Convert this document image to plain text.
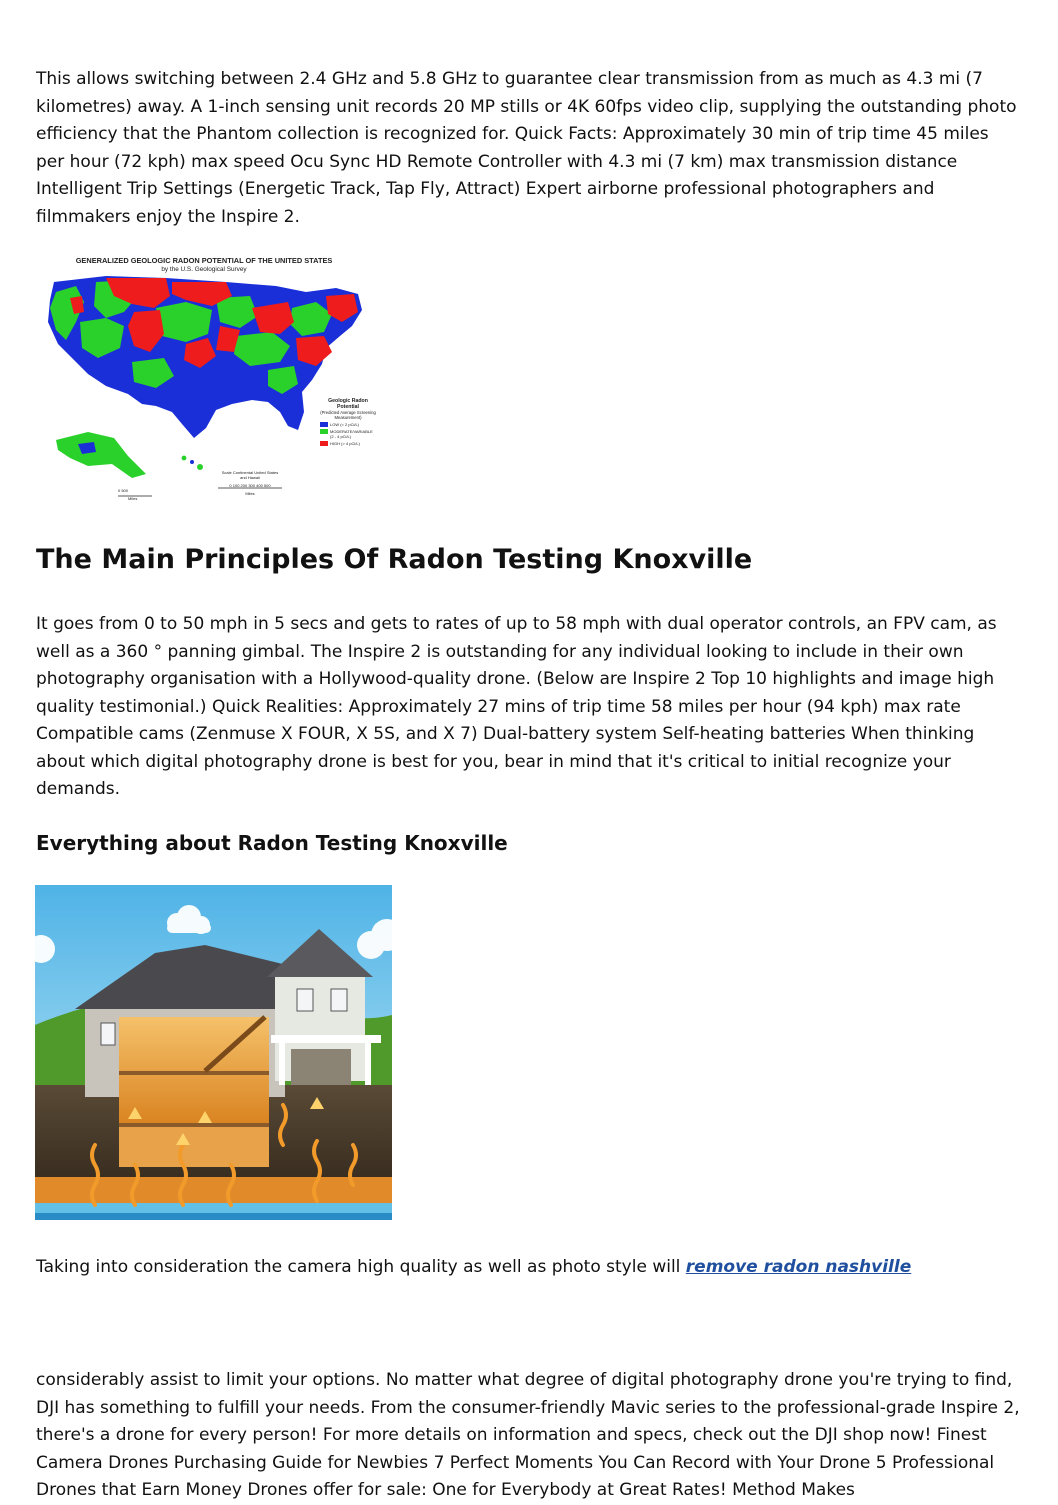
This allows switching between 2.4 GHz and 5.8 GHz to guarantee clear transmission from as much as 4.3 mi (7 kilometres) away. A 1-inch sensing unit records 20 MP stills or 4K 60fps video clip, supplying the outstanding photo efficiency that the Phantom collection is recognized for. Quick Facts: Approximately 30 min of trip time 45 miles per hour (72 kph) max speed Ocu Sync HD Remote Controller with 4.3 mi (7 km) max transmission distance Intelligent Trip Settings (Energetic Track, Tap Fly, Attract) Expert airborne professional photographers and filmmakers enjoy the Inspire 2.

GENERALIZED GEOLOGIC RADON POTENTIAL OF THE UNITED STATES
by the U.S. Geological Survey
Geologic Radon Potential
(Predicted Average Screening Measurement)
LOW (< 2 pCi/L)
MODERATE/VARIABLE (2 - 4 pCi/L)
HIGH (> 4 pCi/L)
0 500
Miles
Scale Continental United States and Hawaii
0 100 200 300 400 500
Miles
The Main Principles Of Radon Testing Knoxville

It goes from 0 to 50 mph in 5 secs and gets to rates of up to 58 mph with dual operator controls, an FPV cam, as well as a 360 ° panning gimbal. The Inspire 2 is outstanding for any individual looking to include in their own photography organisation with a Hollywood-quality drone. (Below are Inspire 2 Top 10 highlights and image high quality testimonial.) Quick Realities: Approximately 27 mins of trip time 58 miles per hour (94 kph) max rate Compatible cams (Zenmuse X FOUR, X 5S, and X 7) Dual-battery system Self-heating batteries When thinking about which digital photography drone is best for you, bear in mind that it's critical to initial recognize your demands.

Everything about Radon Testing Knoxville

Taking into consideration the camera high quality as well as photo style will remove radon nashville

considerably assist to limit your options. No matter what degree of digital photography drone you're trying to find, DJI has something to fulfill your needs. From the consumer-friendly Mavic series to the professional-grade Inspire 2, there's a drone for every person! For more details on information and specs, check out the DJI shop now! Finest Camera Drones Purchasing Guide for Newbies 7 Perfect Moments You Can Record with Your Drone 5 Professional Drones that Earn Money Drones offer for sale: One for Everybody at Great Rates! Method Makes
